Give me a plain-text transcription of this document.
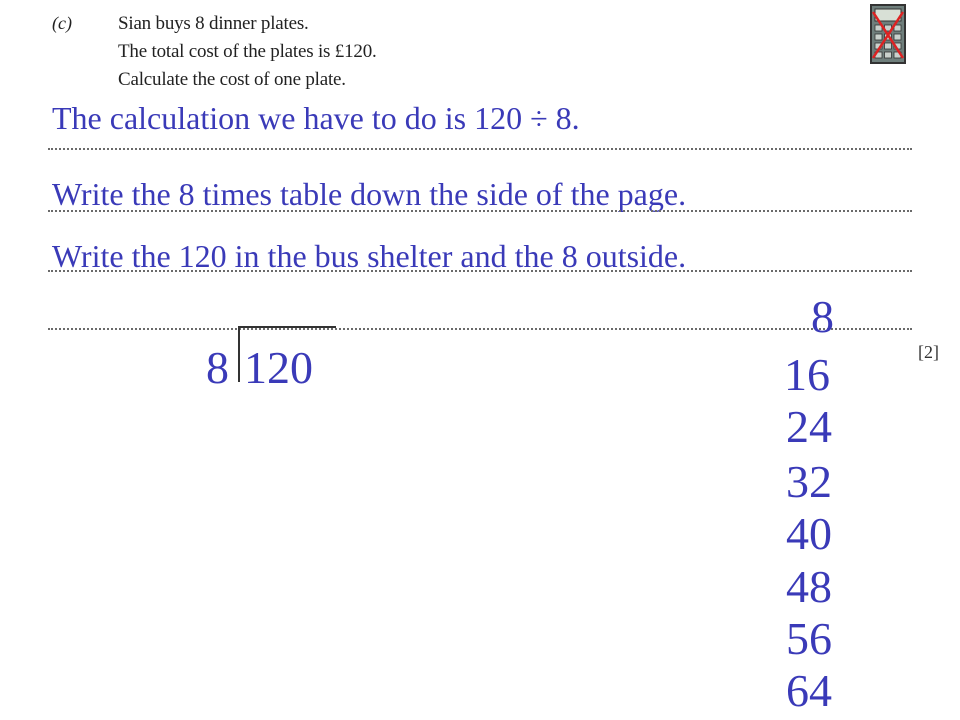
(c) Sian buys 8 dinner plates.
The total cost of the plates is £120.
Calculate the cost of one plate.
The calculation we have to do is 120 ÷ 8.
Write the 8 times table down the side of the page.
Write the 120 in the bus shelter and the 8 outside.
[2]
8 120
8
16
24
32
40
48
56
64
